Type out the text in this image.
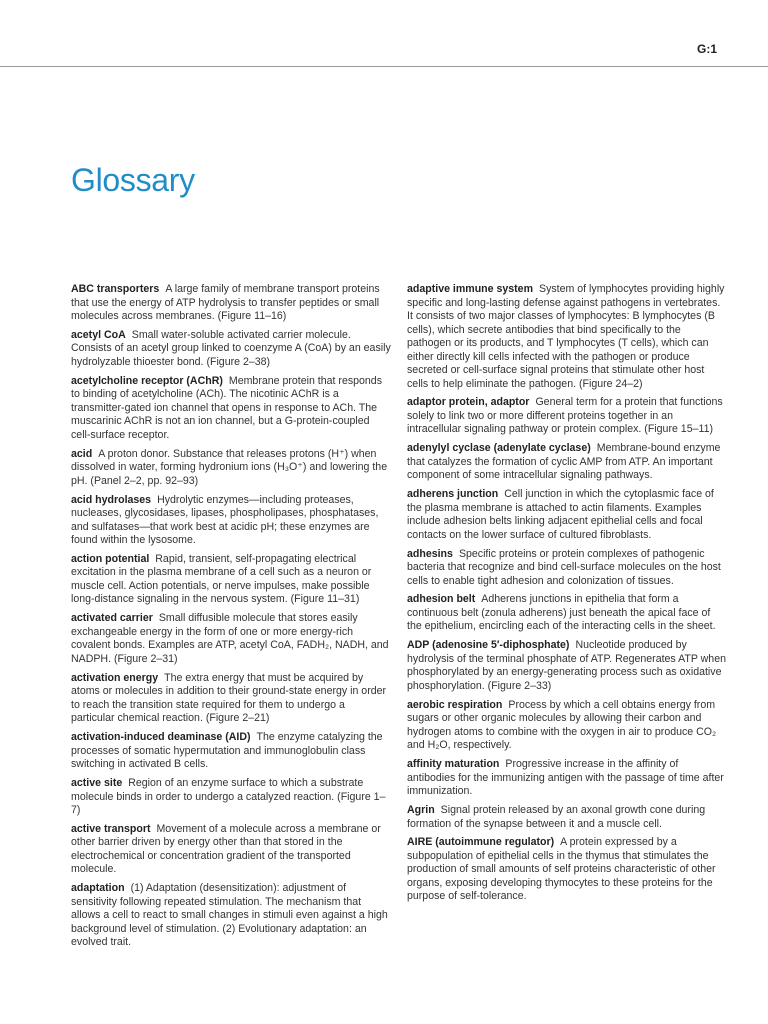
G:1
Glossary

ABC transporters A large family of membrane transport proteins that use the energy of ATP hydrolysis to transfer peptides or small molecules across membranes. (Figure 11–16)

acetyl CoA Small water-soluble activated carrier molecule. Consists of an acetyl group linked to coenzyme A (CoA) by an easily hydrolyzable thioester bond. (Figure 2–38)

acetylcholine receptor (AChR) Membrane protein that responds to binding of acetylcholine (ACh). The nicotinic AChR is a transmitter-gated ion channel that opens in response to ACh. The muscarinic AChR is not an ion channel, but a G-protein-coupled cell-surface receptor.

acid A proton donor. Substance that releases protons (H⁺) when dissolved in water, forming hydronium ions (H₃O⁺) and lowering the pH. (Panel 2–2, pp. 92–93)

acid hydrolases Hydrolytic enzymes—including proteases, nucleases, glycosidases, lipases, phospholipases, phosphatases, and sulfatases—that work best at acidic pH; these enzymes are found within the lysosome.

action potential Rapid, transient, self-propagating electrical excitation in the plasma membrane of a cell such as a neuron or muscle cell. Action potentials, or nerve impulses, make possible long-distance signaling in the nervous system. (Figure 11–31)

activated carrier Small diffusible molecule that stores easily exchangeable energy in the form of one or more energy-rich covalent bonds. Examples are ATP, acetyl CoA, FADH₂, NADH, and NADPH. (Figure 2–31)

activation energy The extra energy that must be acquired by atoms or molecules in addition to their ground-state energy in order to reach the transition state required for them to undergo a particular chemical reaction. (Figure 2–21)

activation-induced deaminase (AID) The enzyme catalyzing the processes of somatic hypermutation and immunoglobulin class switching in activated B cells.

active site Region of an enzyme surface to which a substrate molecule binds in order to undergo a catalyzed reaction. (Figure 1–7)

active transport Movement of a molecule across a membrane or other barrier driven by energy other than that stored in the electrochemical or concentration gradient of the transported molecule.

adaptation (1) Adaptation (desensitization): adjustment of sensitivity following repeated stimulation. The mechanism that allows a cell to react to small changes in stimuli even against a high background level of stimulation. (2) Evolutionary adaptation: an evolved trait.

adaptive immune system System of lymphocytes providing highly specific and long-lasting defense against pathogens in vertebrates. It consists of two major classes of lymphocytes: B lymphocytes (B cells), which secrete antibodies that bind specifically to the pathogen or its products, and T lymphocytes (T cells), which can either directly kill cells infected with the pathogen or produce secreted or cell-surface signal proteins that stimulate other host cells to help eliminate the pathogen. (Figure 24–2)

adaptor protein, adaptor General term for a protein that functions solely to link two or more different proteins together in an intracellular signaling pathway or protein complex. (Figure 15–11)

adenylyl cyclase (adenylate cyclase) Membrane-bound enzyme that catalyzes the formation of cyclic AMP from ATP. An important component of some intracellular signaling pathways.

adherens junction Cell junction in which the cytoplasmic face of the plasma membrane is attached to actin filaments. Examples include adhesion belts linking adjacent epithelial cells and focal contacts on the lower surface of cultured fibroblasts.

adhesins Specific proteins or protein complexes of pathogenic bacteria that recognize and bind cell-surface molecules on the host cells to enable tight adhesion and colonization of tissues.

adhesion belt Adherens junctions in epithelia that form a continuous belt (zonula adherens) just beneath the apical face of the epithelium, encircling each of the interacting cells in the sheet.

ADP (adenosine 5′-diphosphate) Nucleotide produced by hydrolysis of the terminal phosphate of ATP. Regenerates ATP when phosphorylated by an energy-generating process such as oxidative phosphorylation. (Figure 2–33)

aerobic respiration Process by which a cell obtains energy from sugars or other organic molecules by allowing their carbon and hydrogen atoms to combine with the oxygen in air to produce CO₂ and H₂O, respectively.

affinity maturation Progressive increase in the affinity of antibodies for the immunizing antigen with the passage of time after immunization.

Agrin Signal protein released by an axonal growth cone during formation of the synapse between it and a muscle cell.

AIRE (autoimmune regulator) A protein expressed by a subpopulation of epithelial cells in the thymus that stimulates the production of small amounts of self proteins characteristic of other organs, exposing developing thymocytes to these proteins for the purpose of self-tolerance.
